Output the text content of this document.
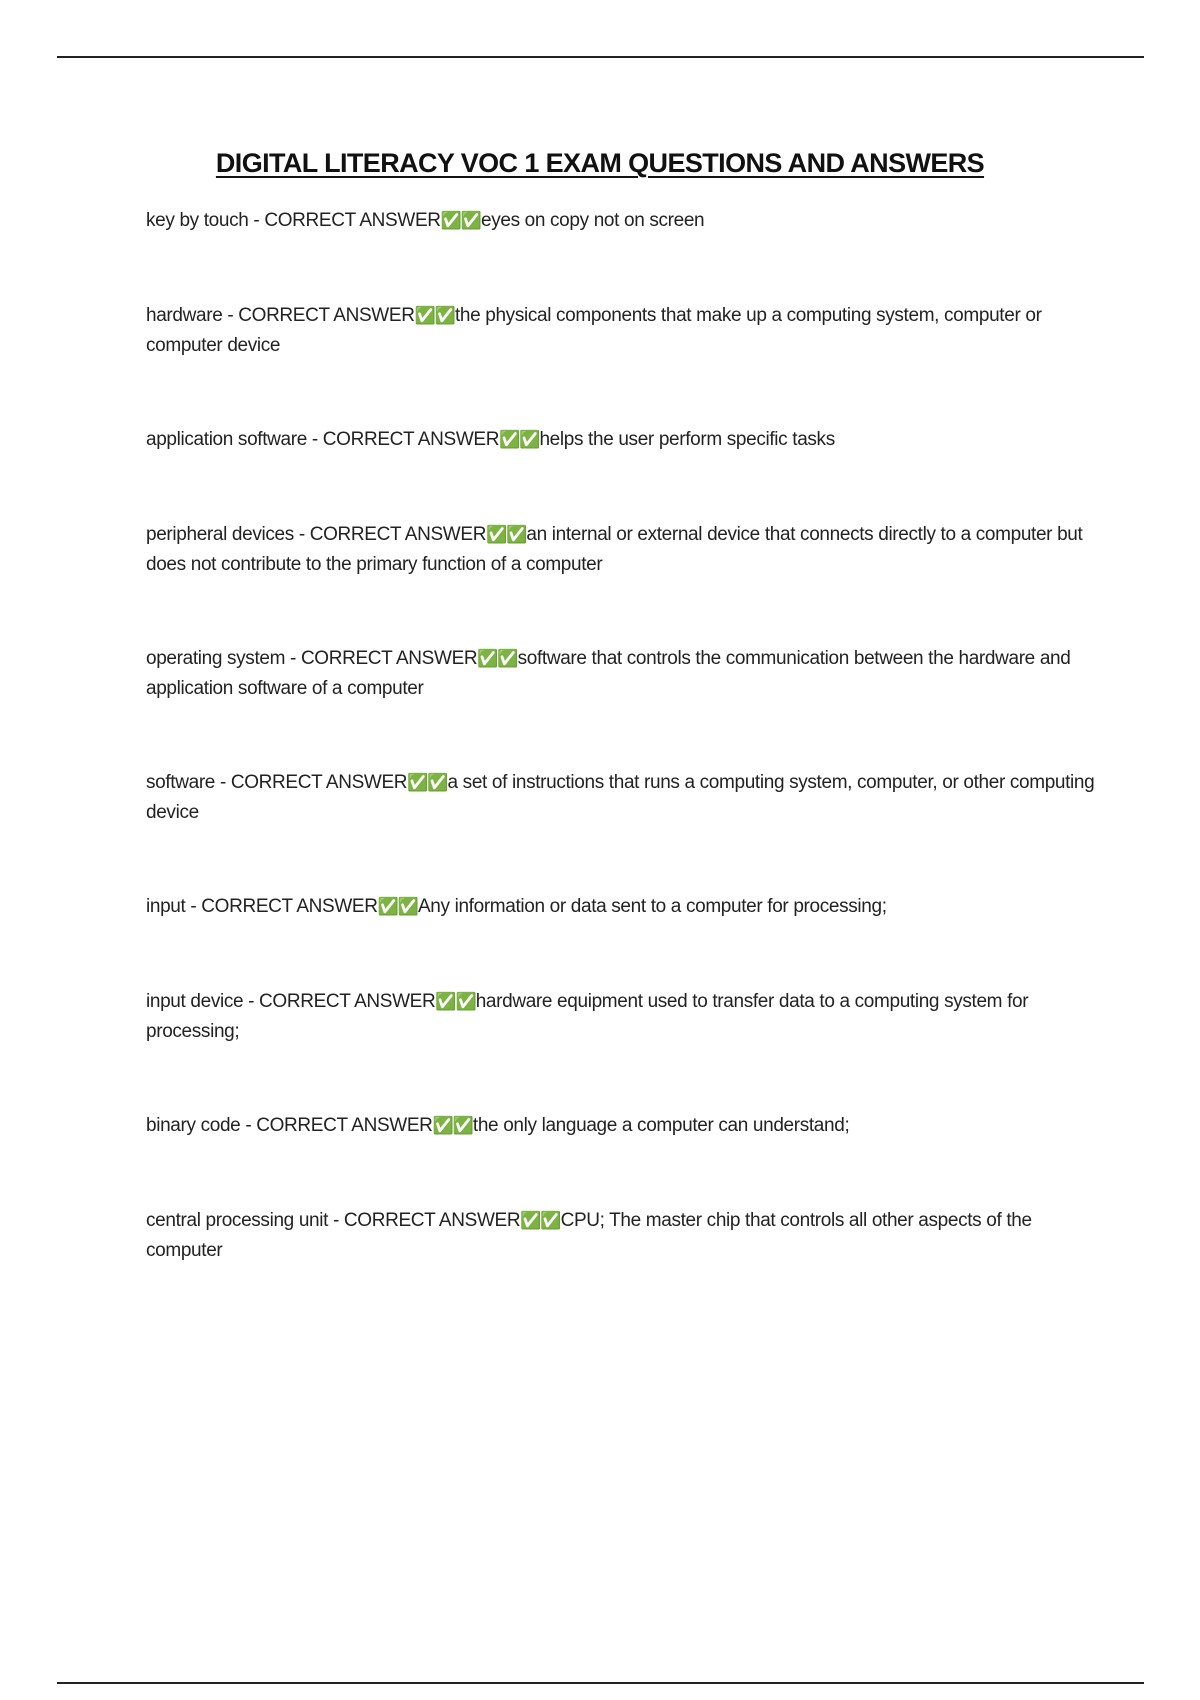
DIGITAL LITERACY VOC 1 EXAM QUESTIONS AND ANSWERS

key by touch - CORRECT ANSWER✅✅eyes on copy not on screen

hardware - CORRECT ANSWER✅✅the physical components that make up a computing system, computer or computer device

application software - CORRECT ANSWER✅✅helps the user perform specific tasks

peripheral devices - CORRECT ANSWER✅✅an internal or external device that connects directly to a computer but does not contribute to the primary function of a computer

operating system - CORRECT ANSWER✅✅software that controls the communication between the hardware and application software of a computer

software - CORRECT ANSWER✅✅a set of instructions that runs a computing system, computer, or other computing device

input - CORRECT ANSWER✅✅Any information or data sent to a computer for processing;

input device - CORRECT ANSWER✅✅hardware equipment used to transfer data to a computing system for processing;

binary code - CORRECT ANSWER✅✅the only language a computer can understand;

central processing unit - CORRECT ANSWER✅✅CPU; The master chip that controls all other aspects of the computer
